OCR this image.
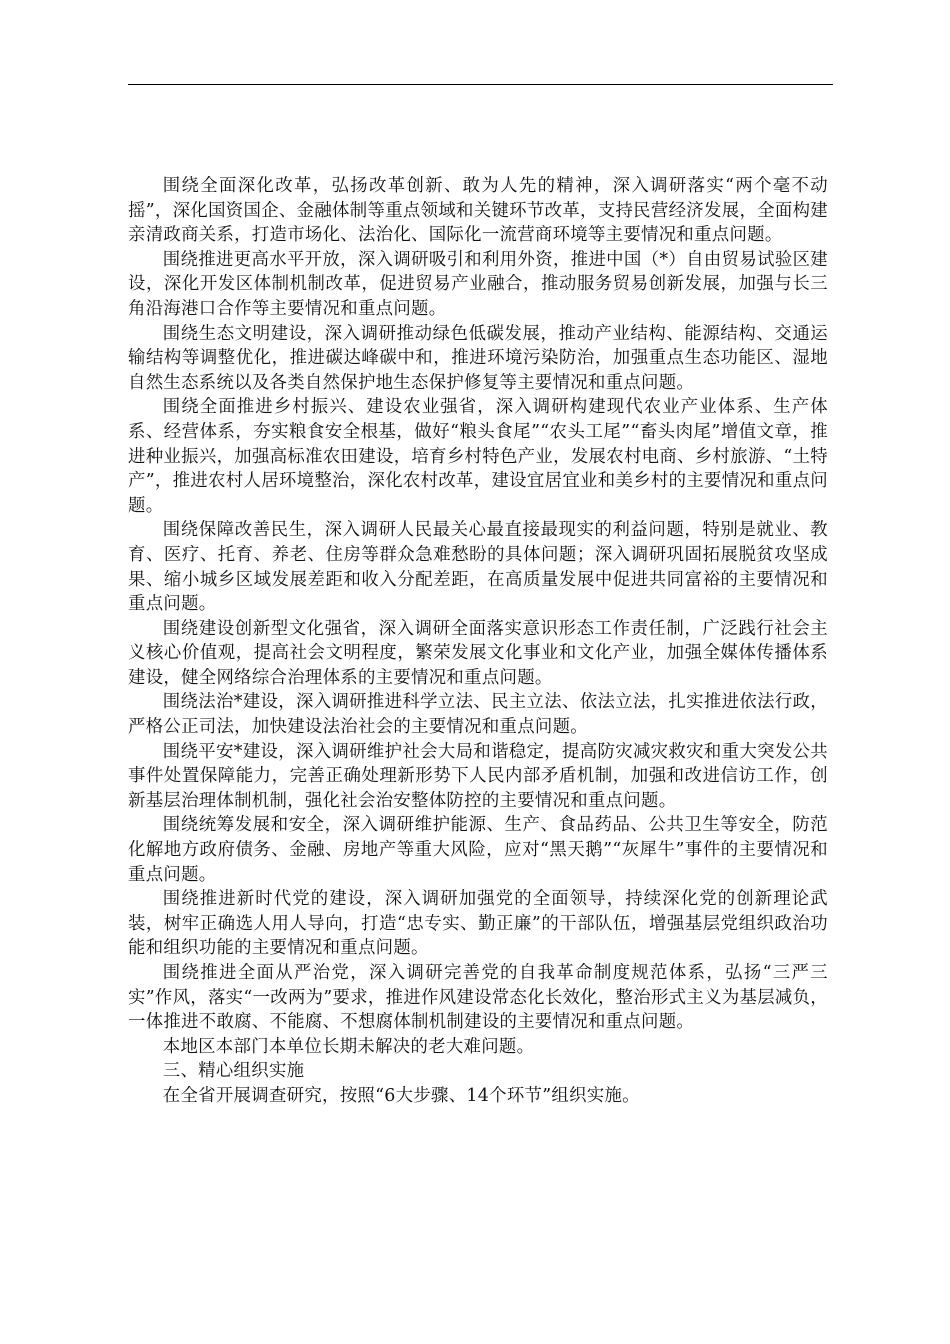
围绕全面深化改革，弘扬改革创新、敢为人先的精神，深入调研落实“两个毫不动摇”，深化国资国企、金融体制等重点领域和关键环节改革，支持民营经济发展，全面构建亲清政商关系，打造市场化、法治化、国际化一流营商环境等主要情况和重点问题。

围绕推进更高水平开放，深入调研吸引和利用外资，推进中国（*）自由贸易试验区建设，深化开发区体制机制改革，促进贸易产业融合，推动服务贸易创新发展，加强与长三角沿海港口合作等主要情况和重点问题。

围绕生态文明建设，深入调研推动绿色低碳发展，推动产业结构、能源结构、交通运输结构等调整优化，推进碳达峰碳中和，推进环境污染防治，加强重点生态功能区、湿地自然生态系统以及各类自然保护地生态保护修复等主要情况和重点问题。

围绕全面推进乡村振兴、建设农业强省，深入调研构建现代农业产业体系、生产体系、经营体系，夯实粮食安全根基，做好“粮头食尾”“农头工尾”“畜头肉尾”增值文章，推进种业振兴，加强高标准农田建设，培育乡村特色产业，发展农村电商、乡村旅游、“土特产”，推进农村人居环境整治，深化农村改革，建设宜居宜业和美乡村的主要情况和重点问题。

围绕保障改善民生，深入调研人民最关心最直接最现实的利益问题，特别是就业、教育、医疗、托育、养老、住房等群众急难愁盼的具体问题；深入调研巩固拓展脱贫攻坚成果、缩小城乡区域发展差距和收入分配差距，在高质量发展中促进共同富裕的主要情况和重点问题。

围绕建设创新型文化强省，深入调研全面落实意识形态工作责任制，广泛践行社会主义核心价值观，提高社会文明程度，繁荣发展文化事业和文化产业，加强全媒体传播体系建设，健全网络综合治理体系的主要情况和重点问题。

围绕法治*建设，深入调研推进科学立法、民主立法、依法立法，扎实推进依法行政，严格公正司法，加快建设法治社会的主要情况和重点问题。

围绕平安*建设，深入调研维护社会大局和谐稳定，提高防灾减灾救灾和重大突发公共事件处置保障能力，完善正确处理新形势下人民内部矛盾机制，加强和改进信访工作，创新基层治理体制机制，强化社会治安整体防控的主要情况和重点问题。

围绕统筹发展和安全，深入调研维护能源、生产、食品药品、公共卫生等安全，防范化解地方政府债务、金融、房地产等重大风险，应对“黑天鹅”“灰犀牛”事件的主要情况和重点问题。

围绕推进新时代党的建设，深入调研加强党的全面领导，持续深化党的创新理论武装，树牢正确选人用人导向，打造“忠专实、勤正廉”的干部队伍，增强基层党组织政治功能和组织功能的主要情况和重点问题。

围绕推进全面从严治党，深入调研完善党的自我革命制度规范体系，弘扬“三严三实”作风，落实“一改两为”要求，推进作风建设常态化长效化，整治形式主义为基层减负，一体推进不敢腐、不能腐、不想腐体制机制建设的主要情况和重点问题。

本地区本部门本单位长期未解决的老大难问题。

三、精心组织实施

在全省开展调查研究，按照“6大步骤、14个环节”组织实施。
